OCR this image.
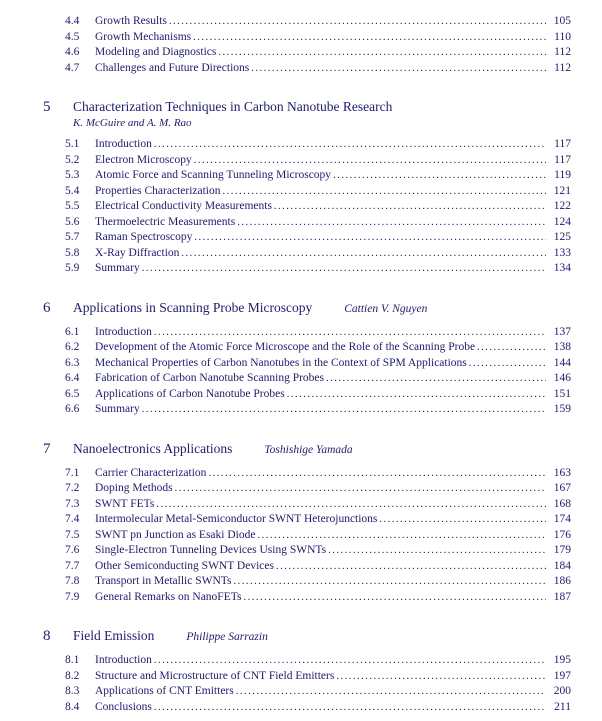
4.4	Growth Results .....	105
4.5	Growth Mechanisms .....	110
4.6	Modeling and Diagnostics .....	112
4.7	Challenges and Future Directions .....	112
5	Characterization Techniques in Carbon Nanotube Research
K. McGuire and A. M. Rao
5.1	Introduction .....	117
5.2	Electron Microscopy .....	117
5.3	Atomic Force and Scanning Tunneling Microscopy .....	119
5.4	Properties Characterization .....	121
5.5	Electrical Conductivity Measurements .....	122
5.6	Thermoelectric Measurements .....	124
5.7	Raman Spectroscopy .....	125
5.8	X-Ray Diffraction .....	133
5.9	Summary .....	134
6	Applications in Scanning Probe Microscopy	Cattien V. Nguyen
6.1	Introduction .....	137
6.2	Development of the Atomic Force Microscope and the Role of the Scanning Probe .....	138
6.3	Mechanical Properties of Carbon Nanotubes in the Context of SPM Applications .....	144
6.4	Fabrication of Carbon Nanotube Scanning Probes .....	146
6.5	Applications of Carbon Nanotube Probes .....	151
6.6	Summary .....	159
7	Nanoelectronics Applications	Toshishige Yamada
7.1	Carrier Characterization .....	163
7.2	Doping Methods .....	167
7.3	SWNT FETs .....	168
7.4	Intermolecular Metal-Semiconductor SWNT Heterojunctions .....	174
7.5	SWNT pn Junction as Esaki Diode .....	176
7.6	Single-Electron Tunneling Devices Using SWNTs .....	179
7.7	Other Semiconducting SWNT Devices .....	184
7.8	Transport in Metallic SWNTs .....	186
7.9	General Remarks on NanoFETs .....	187
8	Field Emission	Philippe Sarrazin
8.1	Introduction .....	195
8.2	Structure and Microstructure of CNT Field Emitters .....	197
8.3	Applications of CNT Emitters .....	200
8.4	Conclusions .....	211
